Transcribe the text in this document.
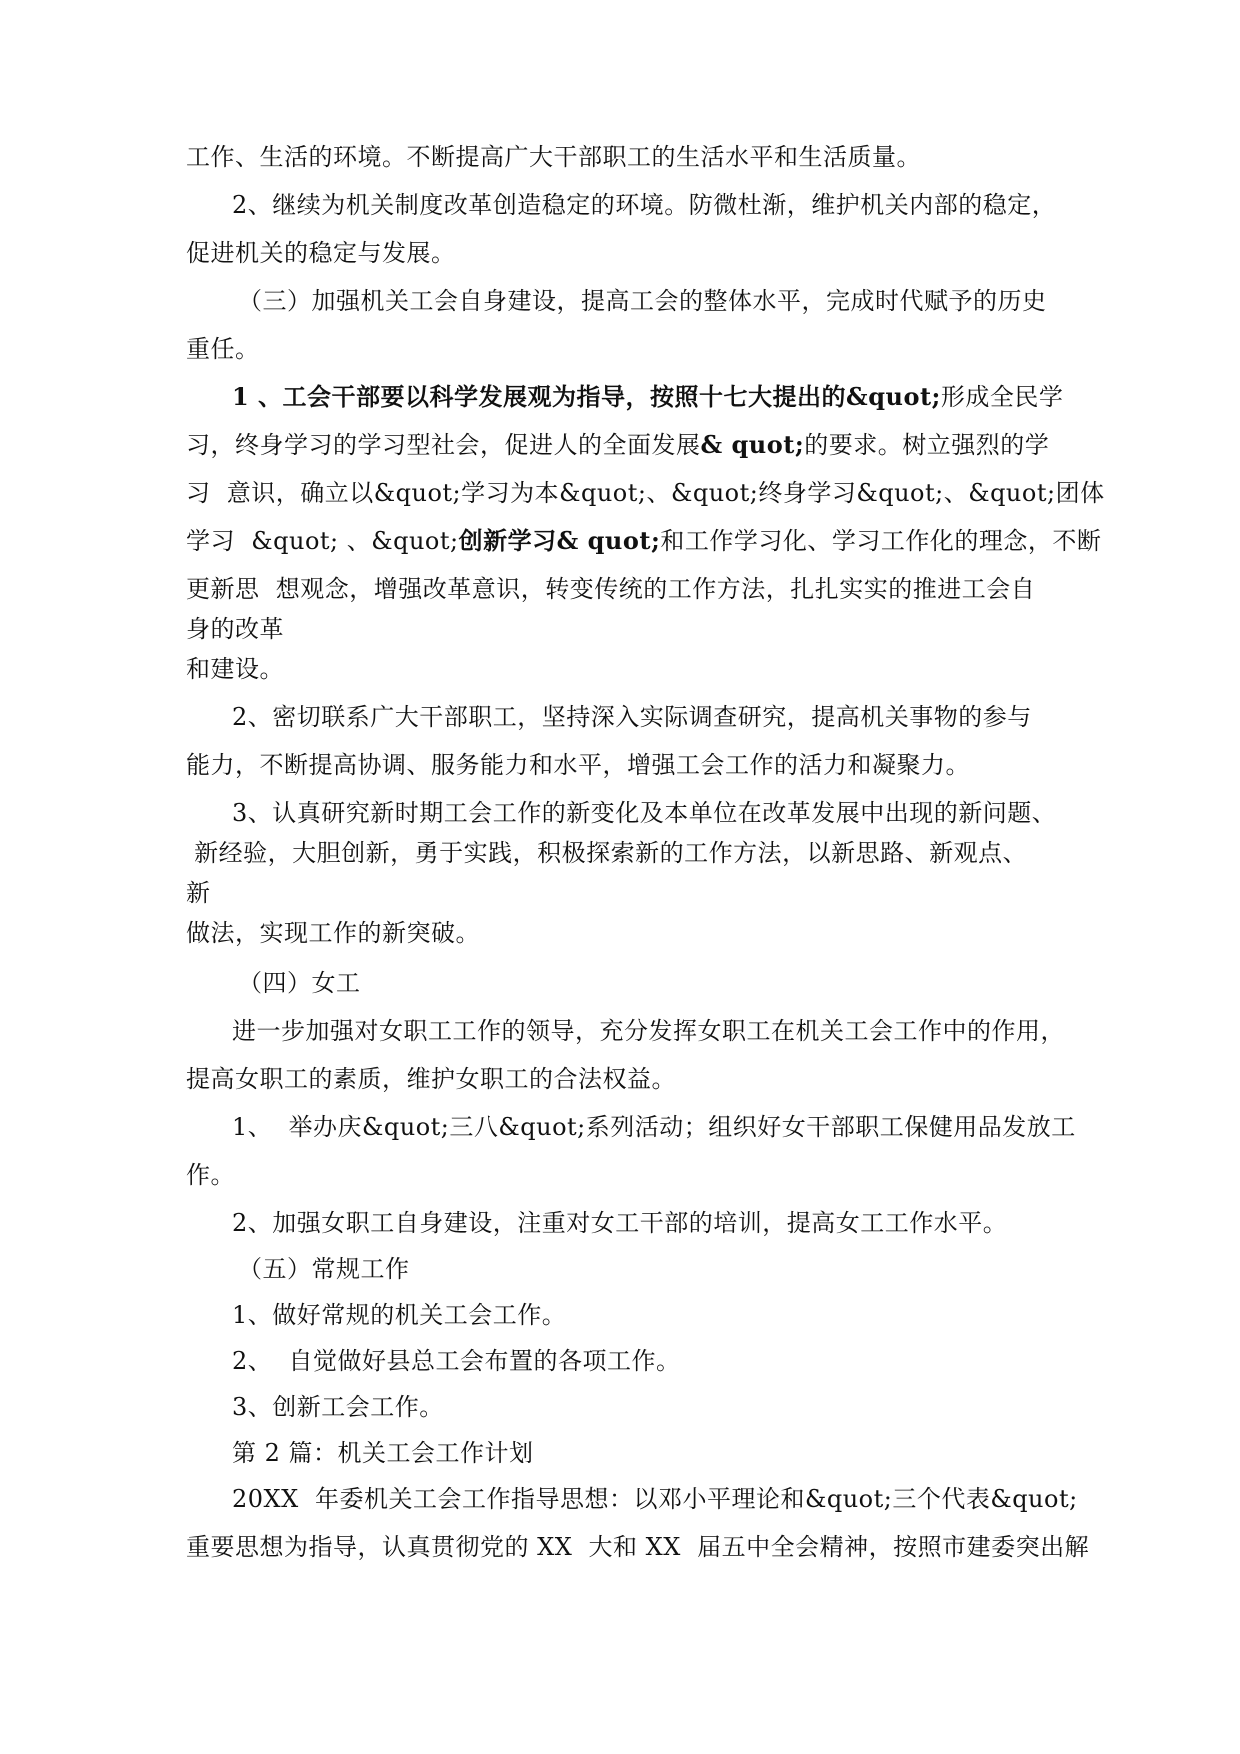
工作、生活的环境。不断提高广大干部职工的生活水平和生活质量。
2、继续为机关制度改革创造稳定的环境。防微杜渐，维护机关内部的稳定，
促进机关的稳定与发展。
（三）加强机关工会自身建设，提高工会的整体水平，完成时代赋予的历史
重任。
1 、工会干部要以科学发展观为指导，按照十七大提出的&quot;形成全民学
习，终身学习的学习型社会，促进人的全面发展& quot;的要求。树立强烈的学
习  意识，确立以&quot;学习为本&quot;、&quot;终身学习&quot;、&quot;团体
学习  &quot; 、&quot;创新学习& quot;和工作学习化、学习工作化的理念，不断
更新思  想观念，增强改革意识，转变传统的工作方法，扎扎实实的推进工会自
身的改革
和建设。
2、密切联系广大干部职工，坚持深入实际调查研究，提高机关事物的参与
能力，不断提高协调、服务能力和水平，增强工会工作的活力和凝聚力。
3、认真研究新时期工会工作的新变化及本单位在改革发展中出现的新问题、
新经验，大胆创新，勇于实践，积极探索新的工作方法，以新思路、新观点、
新
做法，实现工作的新突破。
（四）女工
进一步加强对女职工工作的领导，充分发挥女职工在机关工会工作中的作用，
提高女职工的素质，维护女职工的合法权益。
1、  举办庆&quot;三八&quot;系列活动；组织好女干部职工保健用品发放工
作。
2、加强女职工自身建设，注重对女工干部的培训，提高女工工作水平。
（五）常规工作
1、做好常规的机关工会工作。
2、  自觉做好县总工会布置的各项工作。
3、创新工会工作。
第 2 篇：机关工会工作计划
20XX  年委机关工会工作指导思想：以邓小平理论和&quot;三个代表&quot;
重要思想为指导，认真贯彻党的 XX  大和 XX  届五中全会精神，按照市建委突出解
